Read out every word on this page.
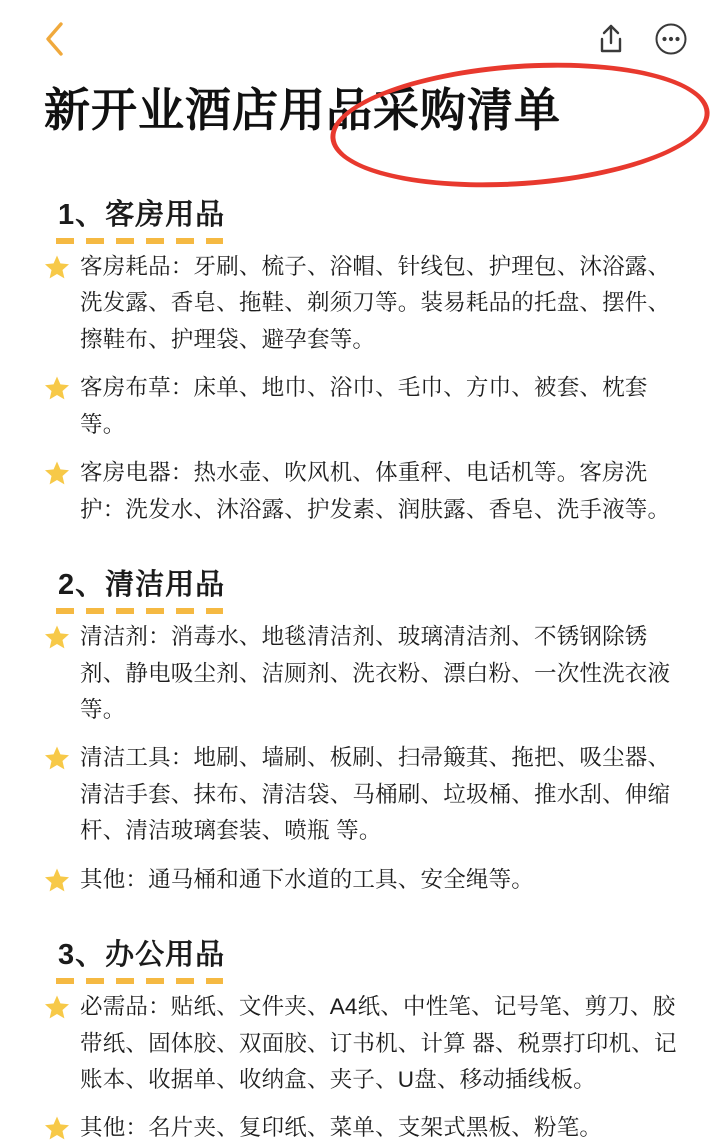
新开业酒店用品采购清单
1、客房用品
客房耗品：牙刷、梳子、浴帽、针线包、护理包、沐浴露、洗发露、香皂、拖鞋、剃须刀等。装易耗品的托盘、摆件、擦鞋布、护理袋、避孕套等。
客房布草：床单、地巾、浴巾、毛巾、方巾、被套、枕套等。
客房电器：热水壶、吹风机、体重秤、电话机等。客房洗护：洗发水、沐浴露、护发素、润肤露、香皂、洗手液等。
2、清洁用品
清洁剂：消毒水、地毯清洁剂、玻璃清洁剂、不锈钢除锈剂、静电吸尘剂、洁厕剂、洗衣粉、漂白粉、一次性洗衣液等。
清洁工具：地刷、墙刷、板刷、扫帚簸萁、拖把、吸尘器、清洁手套、抹布、清洁袋、马桶刷、垃圾桶、推水刮、伸缩杆、清洁玻璃套装、喷瓶 等。
其他：通马桶和通下水道的工具、安全绳等。
3、办公用品
必需品：贴纸、文件夹、A4纸、中性笔、记号笔、剪刀、胶带纸、固体胶、双面胶、订书机、计算 器、税票打印机、记账本、收据单、收纳盒、夹子、U盘、移动插线板。
其他：名片夹、复印纸、菜单、支架式黑板、粉笔。
